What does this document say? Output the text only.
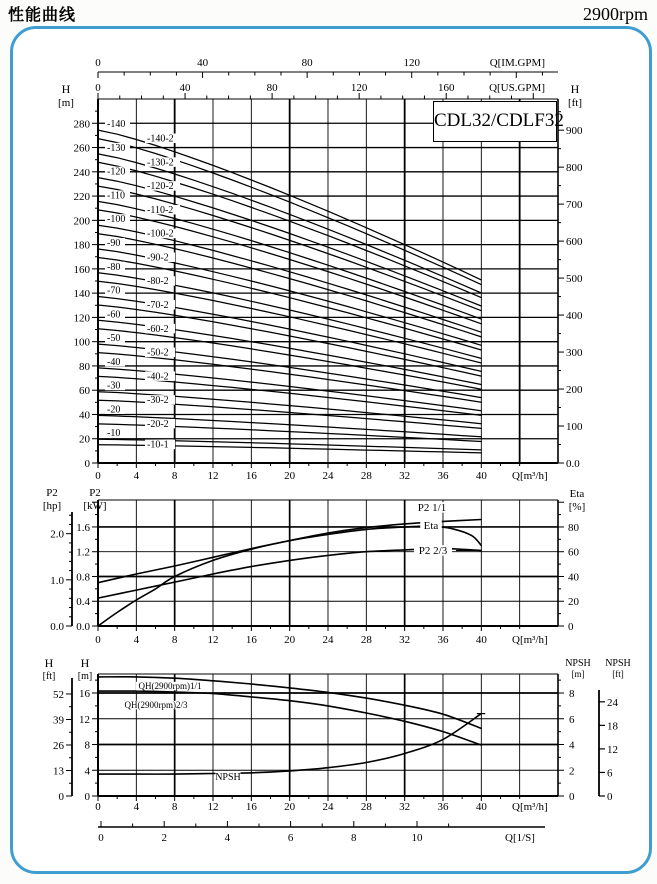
性能曲线	2900rpm
20
40
60
80
100
120
140
160
180
200
220
240
260
280
0
900
800
700
600
500
400
300
200
100
0.0
0	4	8	12 16 20 24 28 32 36 40 Q[m³/h]
0	40	80	120	Q[IM.GPM]
0	40	80	120	160	Q[US.GPM]
H
[m]
H
[ft]
-140
-140-2
-130
-130-2
-120
-120-2
-110
-110-2
-100
-100-2
-90
-90-2
-80
-80-2
-70
-70-2
-60
-60-2
-50
-50-2
-40
-40-2
-30
-30-2
-20
-20-2
-10
-10-1
0.0
0.4
0.8
1.2
1.6
0.0
1.0
2.0
P2
[hp]
P2
[kW]
0
20
40
60
80
Eta
[%]
0	4	8	12 16 20 24 28 32 36 40 Q[m³/h]
P2 1/1
Eta
P2 2/3
0
4
8
12
16
0
13
26
39
52
H
[ft]
H
[m]
0
2
4
6
8
NPSH
[m]
0
6
12
18
24
NPSH
[ft]
0	4	8	12 16 20 24 28 32 36 40 Q[m³/h]
0	2	4	6	8	10	Q[1/S]
QH(2900rpm)1/1
QH(2900rpm)2/3
NPSH
CDL32/CDLF32
